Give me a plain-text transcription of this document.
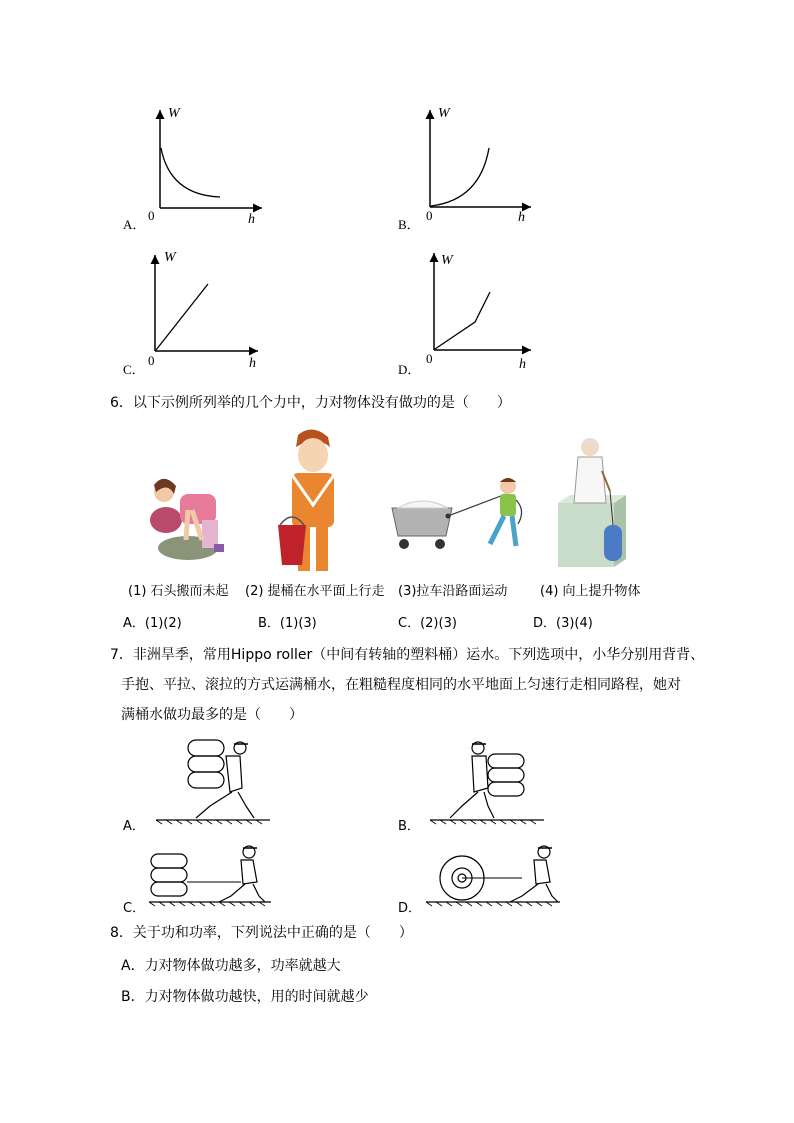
W
0	h
A．
W
0	h
B．
W
0	h
C．
W
0	h
D．
6．以下示例所列举的几个力中，力对物体没有做功的是（　　）
(1) 石头搬而未起 (2) 提桶在水平面上行走 (3)拉车沿路面运动	(4) 向上提升物体
A．(1)(2)	B．(1)(3)	C．(2)(3)	D．(3)(4)
7．非洲旱季，常用Hippo roller（中间有转轴的塑料桶）运水。下列选项中，小华分别用背背、
手抱、平拉、滚拉的方式运满桶水，在粗糙程度相同的水平地面上匀速行走相同路程，她对
满桶水做功最多的是（　　）
A．	B．
C．	D．
8．关于功和功率，下列说法中正确的是（　　）
A．力对物体做功越多，功率就越大
B．力对物体做功越快，用的时间就越少
